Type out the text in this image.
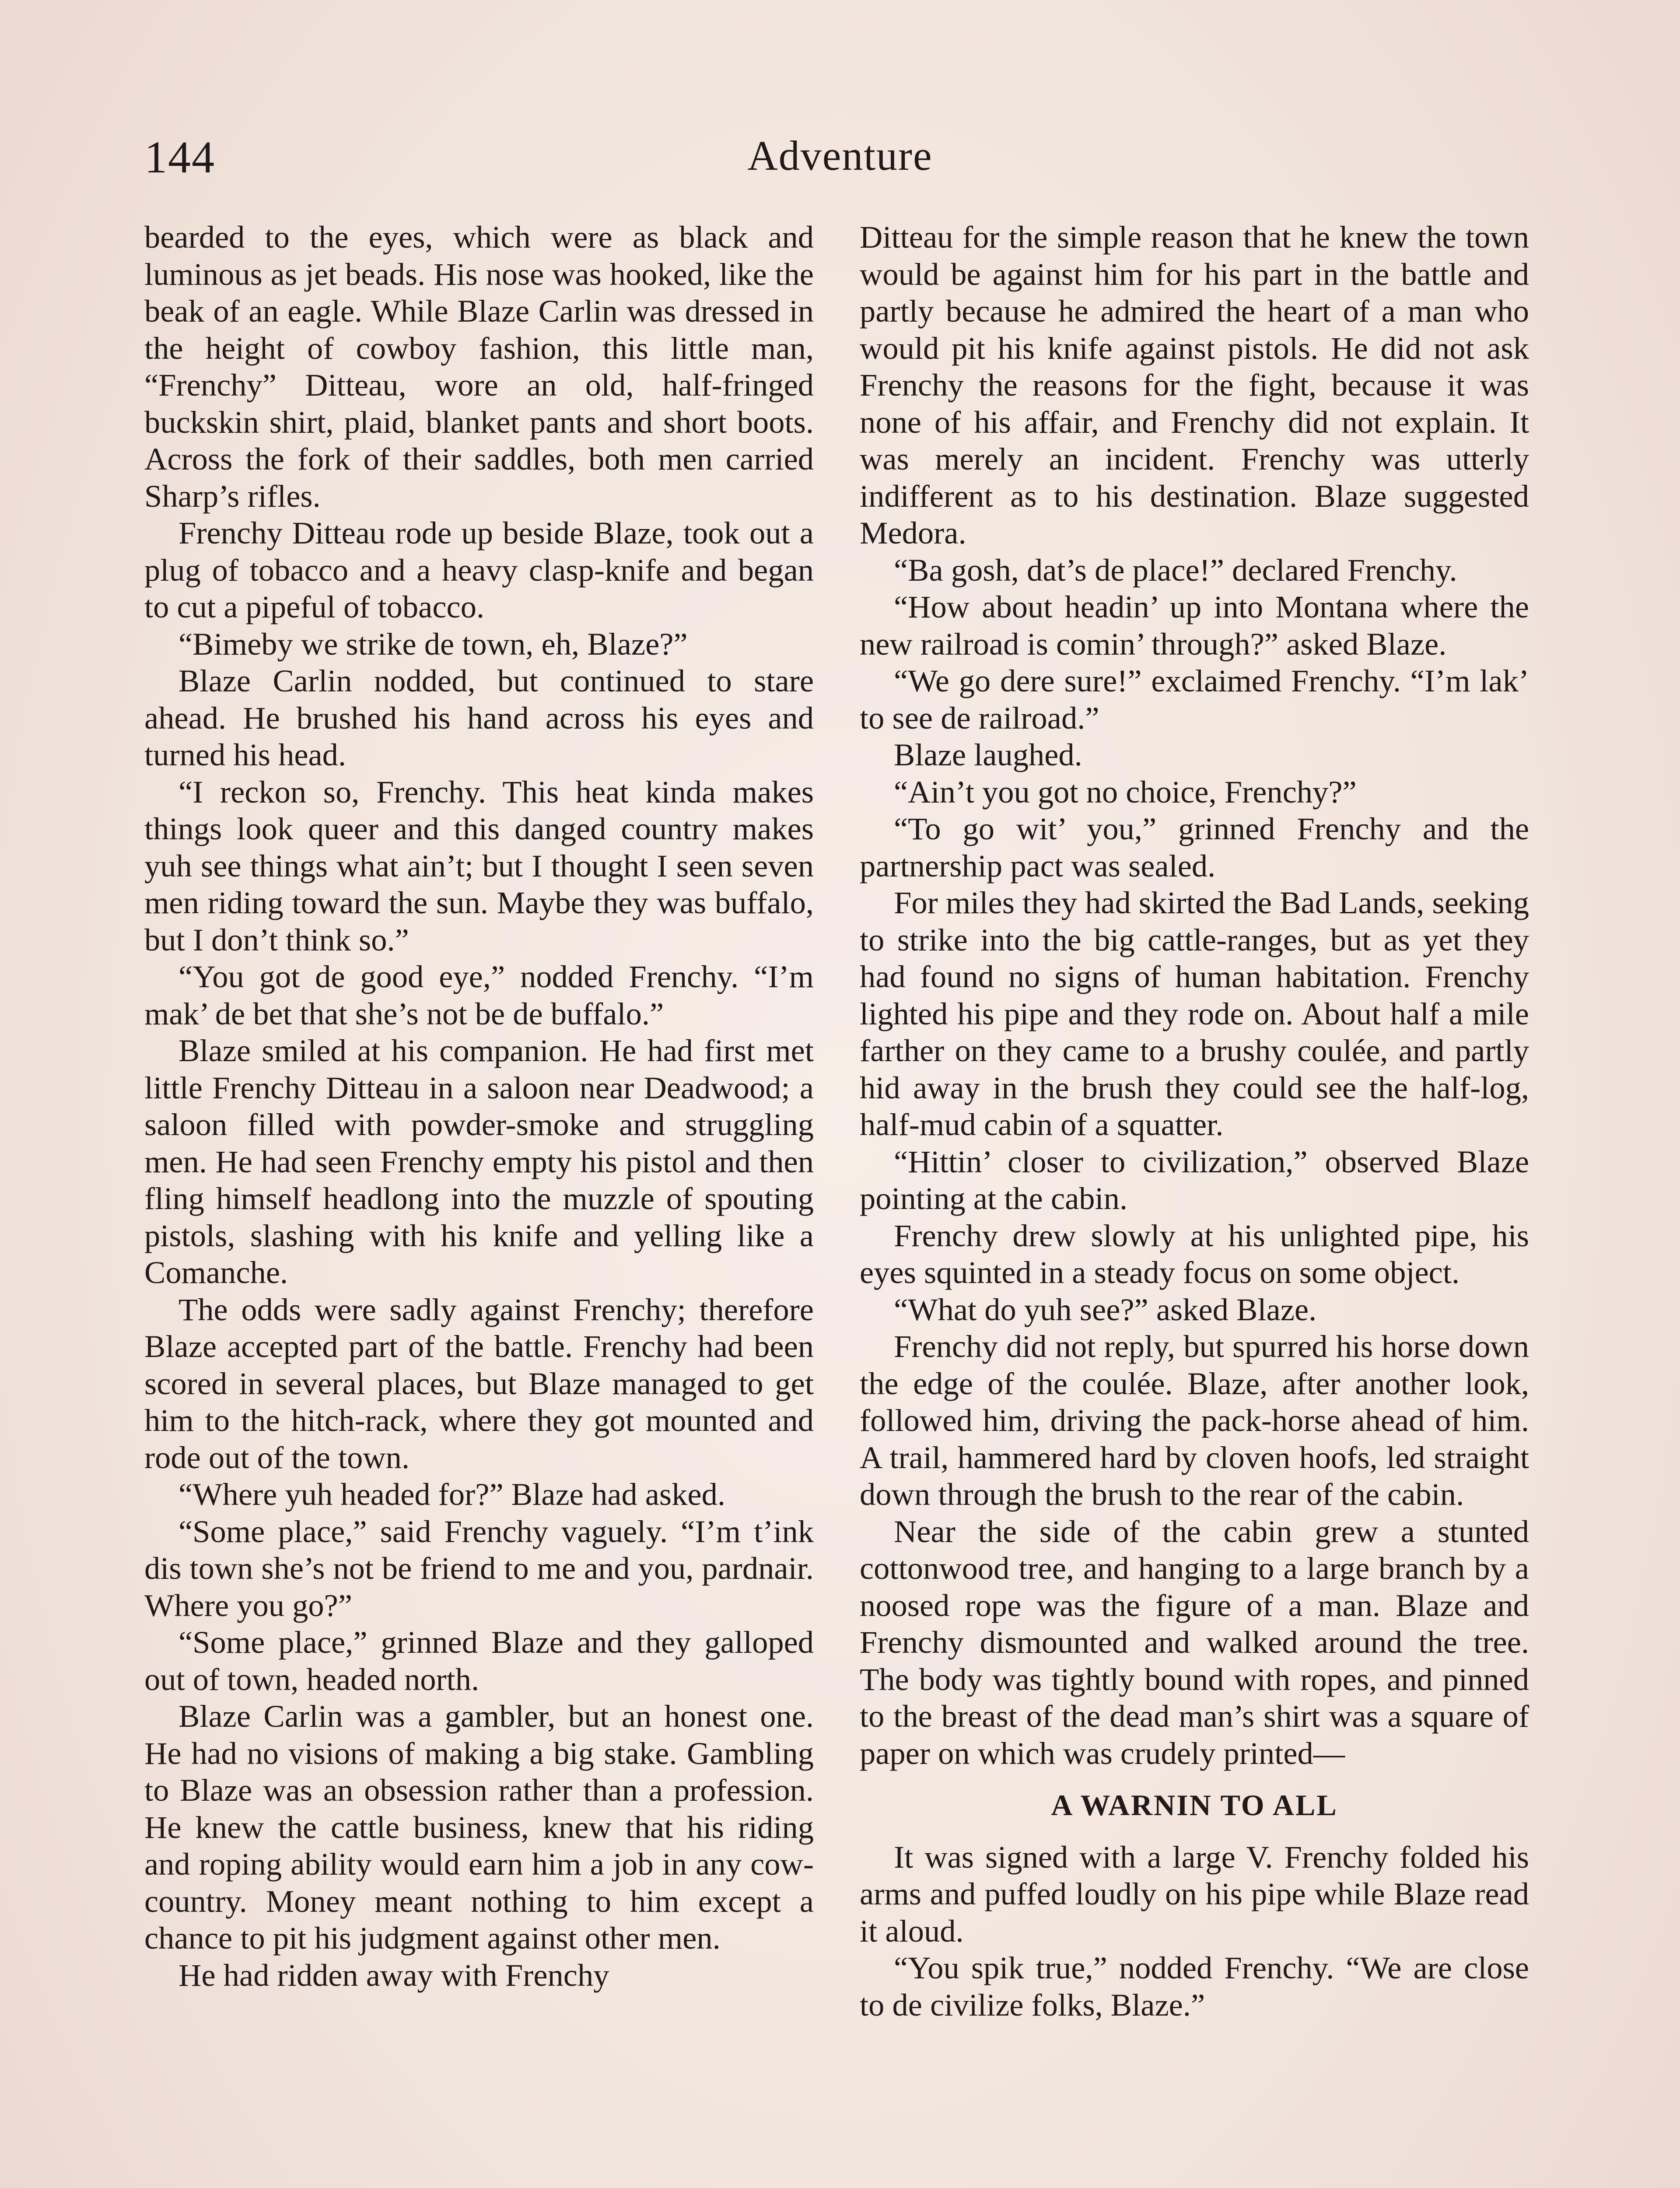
144	Adventure

bearded to the eyes, which were as black and luminous as jet beads. His nose was hooked, like the beak of an eagle. While Blaze Carlin was dressed in the height of cowboy fashion, this little man, “Frenchy” Ditteau, wore an old, half-fringed buckskin shirt, plaid, blanket pants and short boots. Across the fork of their saddles, both men carried Sharp’s rifles.

Frenchy Ditteau rode up beside Blaze, took out a plug of tobacco and a heavy clasp-knife and began to cut a pipeful of tobacco.

“Bimeby we strike de town, eh, Blaze?”

Blaze Carlin nodded, but continued to stare ahead. He brushed his hand across his eyes and turned his head.

“I reckon so, Frenchy. This heat kinda makes things look queer and this danged country makes yuh see things what ain’t; but I thought I seen seven men riding toward the sun. Maybe they was buffalo, but I don’t think so.”

“You got de good eye,” nodded Frenchy. “I’m mak’ de bet that she’s not be de buffalo.”

Blaze smiled at his companion. He had first met little Frenchy Ditteau in a saloon near Deadwood; a saloon filled with powder-smoke and struggling men. He had seen Frenchy empty his pistol and then fling himself headlong into the muzzle of spouting pistols, slashing with his knife and yelling like a Comanche.

The odds were sadly against Frenchy; therefore Blaze accepted part of the battle. Frenchy had been scored in several places, but Blaze managed to get him to the hitch-rack, where they got mounted and rode out of the town.

“Where yuh headed for?” Blaze had asked.

“Some place,” said Frenchy vaguely. “I’m t’ink dis town she’s not be friend to me and you, pardnair. Where you go?”

“Some place,” grinned Blaze and they galloped out of town, headed north.

Blaze Carlin was a gambler, but an honest one. He had no visions of making a big stake. Gambling to Blaze was an obsession rather than a profession. He knew the cattle business, knew that his riding and roping ability would earn him a job in any cow-country. Money meant nothing to him except a chance to pit his judgment against other men.

He had ridden away with Frenchy

Ditteau for the simple reason that he knew the town would be against him for his part in the battle and partly because he admired the heart of a man who would pit his knife against pistols. He did not ask Frenchy the reasons for the fight, because it was none of his affair, and Frenchy did not explain. It was merely an incident. Frenchy was utterly indifferent as to his destination. Blaze suggested Medora.

“Ba gosh, dat’s de place!” declared Frenchy.

“How about headin’ up into Montana where the new railroad is comin’ through?” asked Blaze.

“We go dere sure!” exclaimed Frenchy. “I’m lak’ to see de railroad.”

Blaze laughed.

“Ain’t you got no choice, Frenchy?”

“To go wit’ you,” grinned Frenchy and the partnership pact was sealed.

For miles they had skirted the Bad Lands, seeking to strike into the big cattle-ranges, but as yet they had found no signs of human habitation. Frenchy lighted his pipe and they rode on. About half a mile farther on they came to a brushy coulée, and partly hid away in the brush they could see the half-log, half-mud cabin of a squatter.

“Hittin’ closer to civilization,” observed Blaze pointing at the cabin.

Frenchy drew slowly at his unlighted pipe, his eyes squinted in a steady focus on some object.

“What do yuh see?” asked Blaze.

Frenchy did not reply, but spurred his horse down the edge of the coulée. Blaze, after another look, followed him, driving the pack-horse ahead of him. A trail, hammered hard by cloven hoofs, led straight down through the brush to the rear of the cabin.

Near the side of the cabin grew a stunted cottonwood tree, and hanging to a large branch by a noosed rope was the figure of a man. Blaze and Frenchy dismounted and walked around the tree. The body was tightly bound with ropes, and pinned to the breast of the dead man’s shirt was a square of paper on which was crudely printed—

A WARNIN TO ALL

It was signed with a large V. Frenchy folded his arms and puffed loudly on his pipe while Blaze read it aloud.

“You spik true,” nodded Frenchy. “We are close to de civilize folks, Blaze.”
